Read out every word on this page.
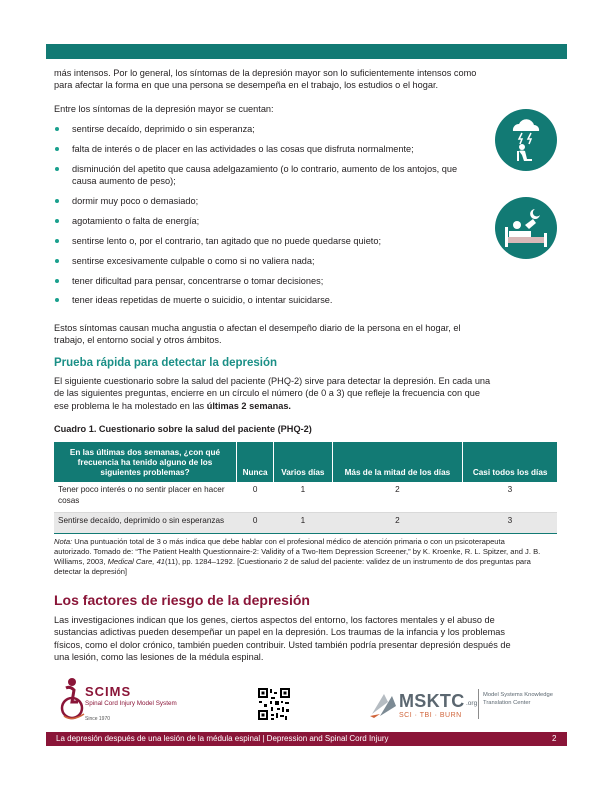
más intensos. Por lo general, los síntomas de la depresión mayor son lo suficientemente intensos como para afectar la forma en que una persona se desempeña en el trabajo, los estudios o el hogar.

Entre los síntomas de la depresión mayor se cuentan:

sentirse decaído, deprimido o sin esperanza;
falta de interés o de placer en las actividades o las cosas que disfruta normalmente;
disminución del apetito que causa adelgazamiento (o lo contrario, aumento de los antojos, que causa aumento de peso);
dormir muy poco o demasiado;
agotamiento o falta de energía;
sentirse lento o, por el contrario, tan agitado que no puede quedarse quieto;
sentirse excesivamente culpable o como si no valiera nada;
tener dificultad para pensar, concentrarse o tomar decisiones;
tener ideas repetidas de muerte o suicidio, o intentar suicidarse.

Estos síntomas causan mucha angustia o afectan el desempeño diario de la persona en el hogar, el trabajo, el entorno social y otros ámbitos.

Prueba rápida para detectar la depresión

El siguiente cuestionario sobre la salud del paciente (PHQ-2) sirve para detectar la depresión. En cada una de las siguientes preguntas, encierre en un círculo el número (de 0 a 3) que refleje la frecuencia con que ese problema le ha molestado en las últimas 2 semanas.

Cuadro 1. Cuestionario sobre la salud del paciente (PHQ-2)

En las últimas dos semanas, ¿con qué frecuencia ha tenido alguno de los siguientes problemas?	Nunca	Varios días	Más de la mitad de los días	Casi todos los días
Tener poco interés o no sentir placer en hacer cosas	0	1	2	3
Sentirse decaído, deprimido o sin esperanzas	0	1	2	3

Nota: Una puntuación total de 3 o más indica que debe hablar con el profesional médico de atención primaria o con un psicoterapeuta autorizado. Tomado de: “The Patient Health Questionnaire-2: Validity of a Two-Item Depression Screener,” by K. Kroenke, R. L. Spitzer, and J. B. Williams, 2003, Medical Care, 41(11), pp. 1284–1292. [Cuestionario 2 de salud del paciente: validez de un instrumento de dos preguntas para detectar la depresión]

Los factores de riesgo de la depresión

Las investigaciones indican que los genes, ciertos aspectos del entorno, los factores mentales y el abuso de sustancias adictivas pueden desempeñar un papel en la depresión. Los traumas de la infancia y los problemas físicos, como el dolor crónico, también pueden contribuir. Usted también podría presentar depresión después de una lesión, como las lesiones de la médula espinal.

SCIMS

Spinal Cord Injury Model System

Since 1970

MSKTC .org

SCI · TBI · BURN

Model Systems Knowledge Translation Center

La depresión después de una lesión de la médula espinal | Depression and Spinal Cord Injury	2
